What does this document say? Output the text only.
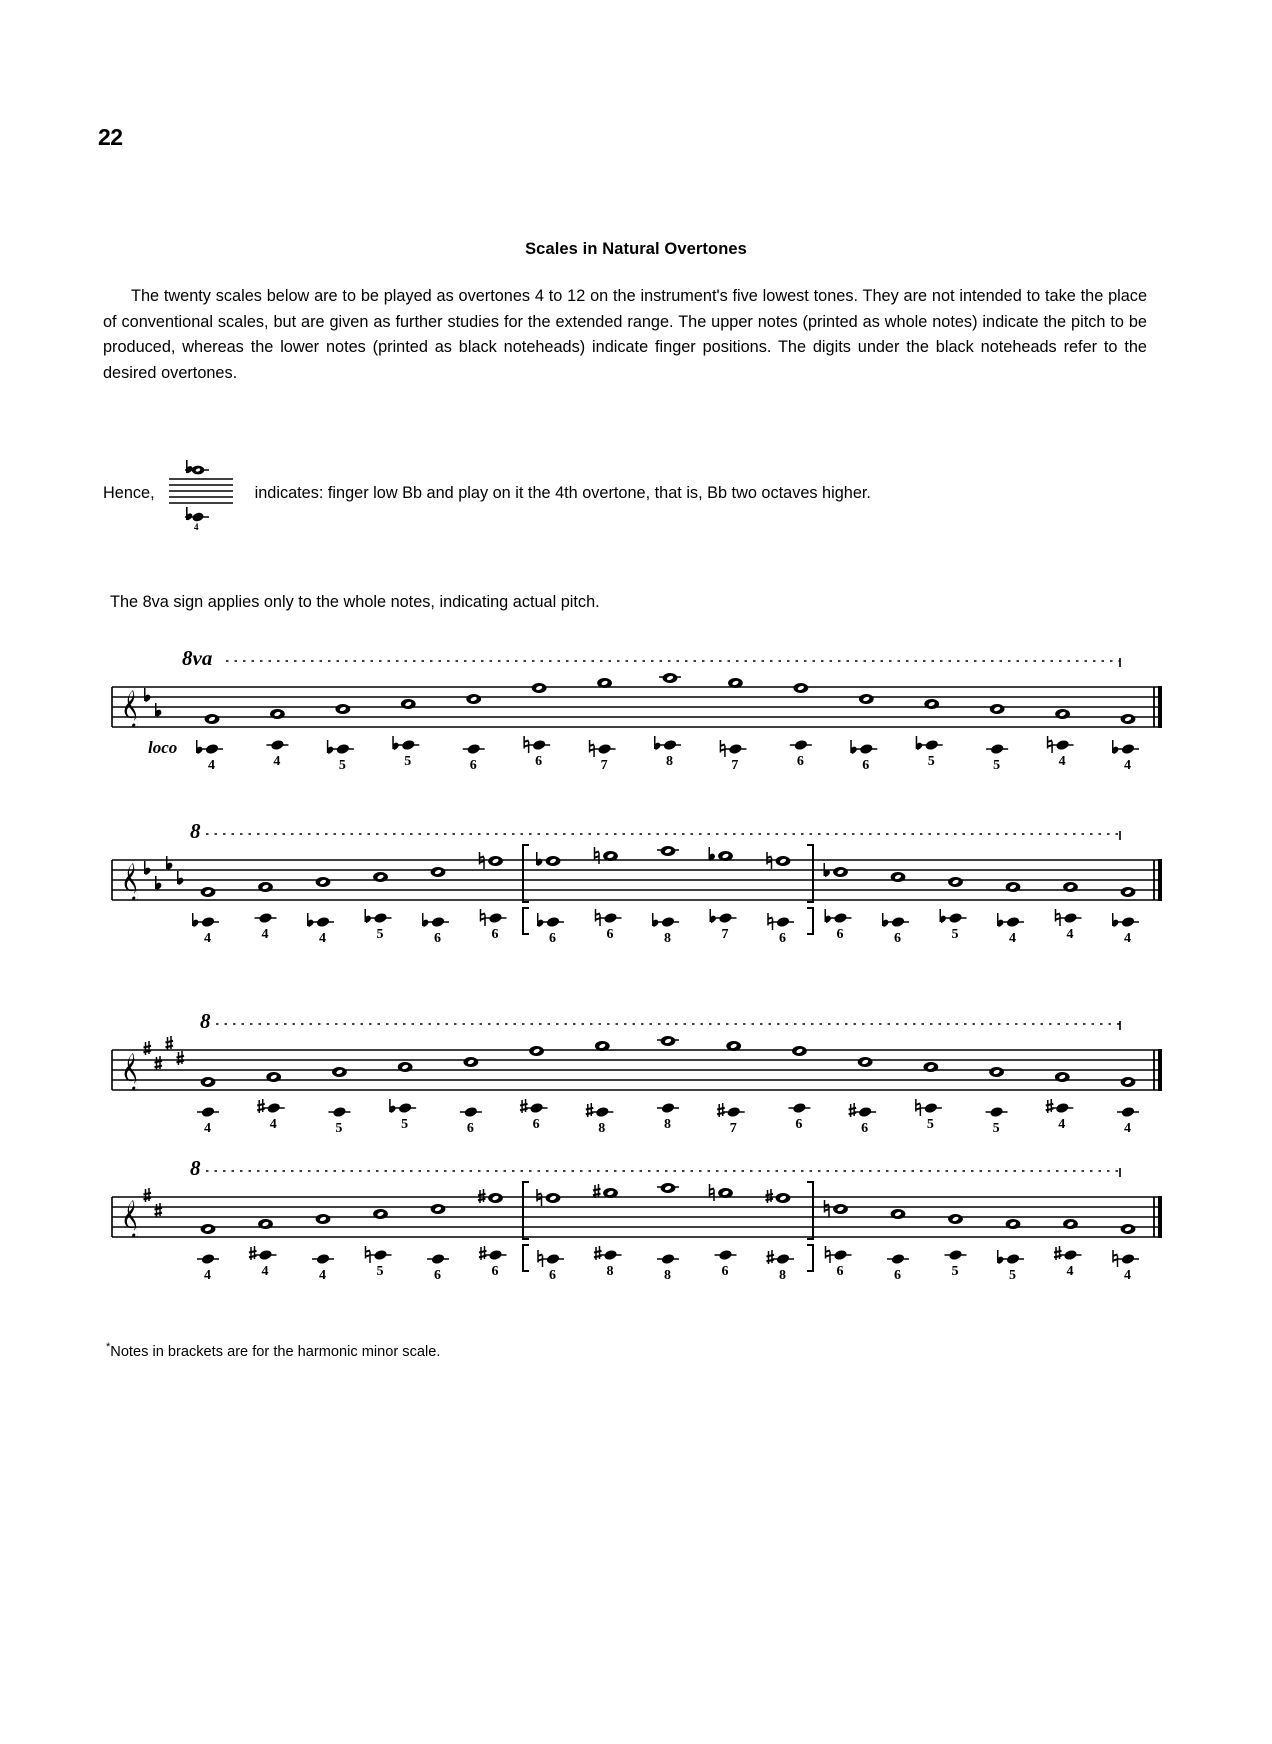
22
Scales in Natural Overtones
The twenty scales below are to be played as overtones 4 to 12 on the instrument's five lowest tones. They are not intended to take the place of conventional scales, but are given as further studies for the extended range. The upper notes (printed as whole notes) indicate the pitch to be produced, whereas the lower notes (printed as black noteheads) indicate finger positions. The digits under the black noteheads refer to the desired overtones.
Hence,
4
indicates: finger low Bb and play on it the 4th overtone, that is, Bb two octaves higher.
The 8va sign applies only to the whole notes, indicating actual pitch.
8va
loco
4	4	5	5	6	6	7	8	7	6	6	5	5	4	4
8
4	4	4	5	6	6	6	6	8	7	6	6	6	5	4	4	4
8
4	4	5	5	6	6	8	8	7	6	6	5	5	4	4
8
4	4	4	5	6	6	6	8	8	6	8	6	6	5	5	4	4
*Notes in brackets are for the harmonic minor scale.
